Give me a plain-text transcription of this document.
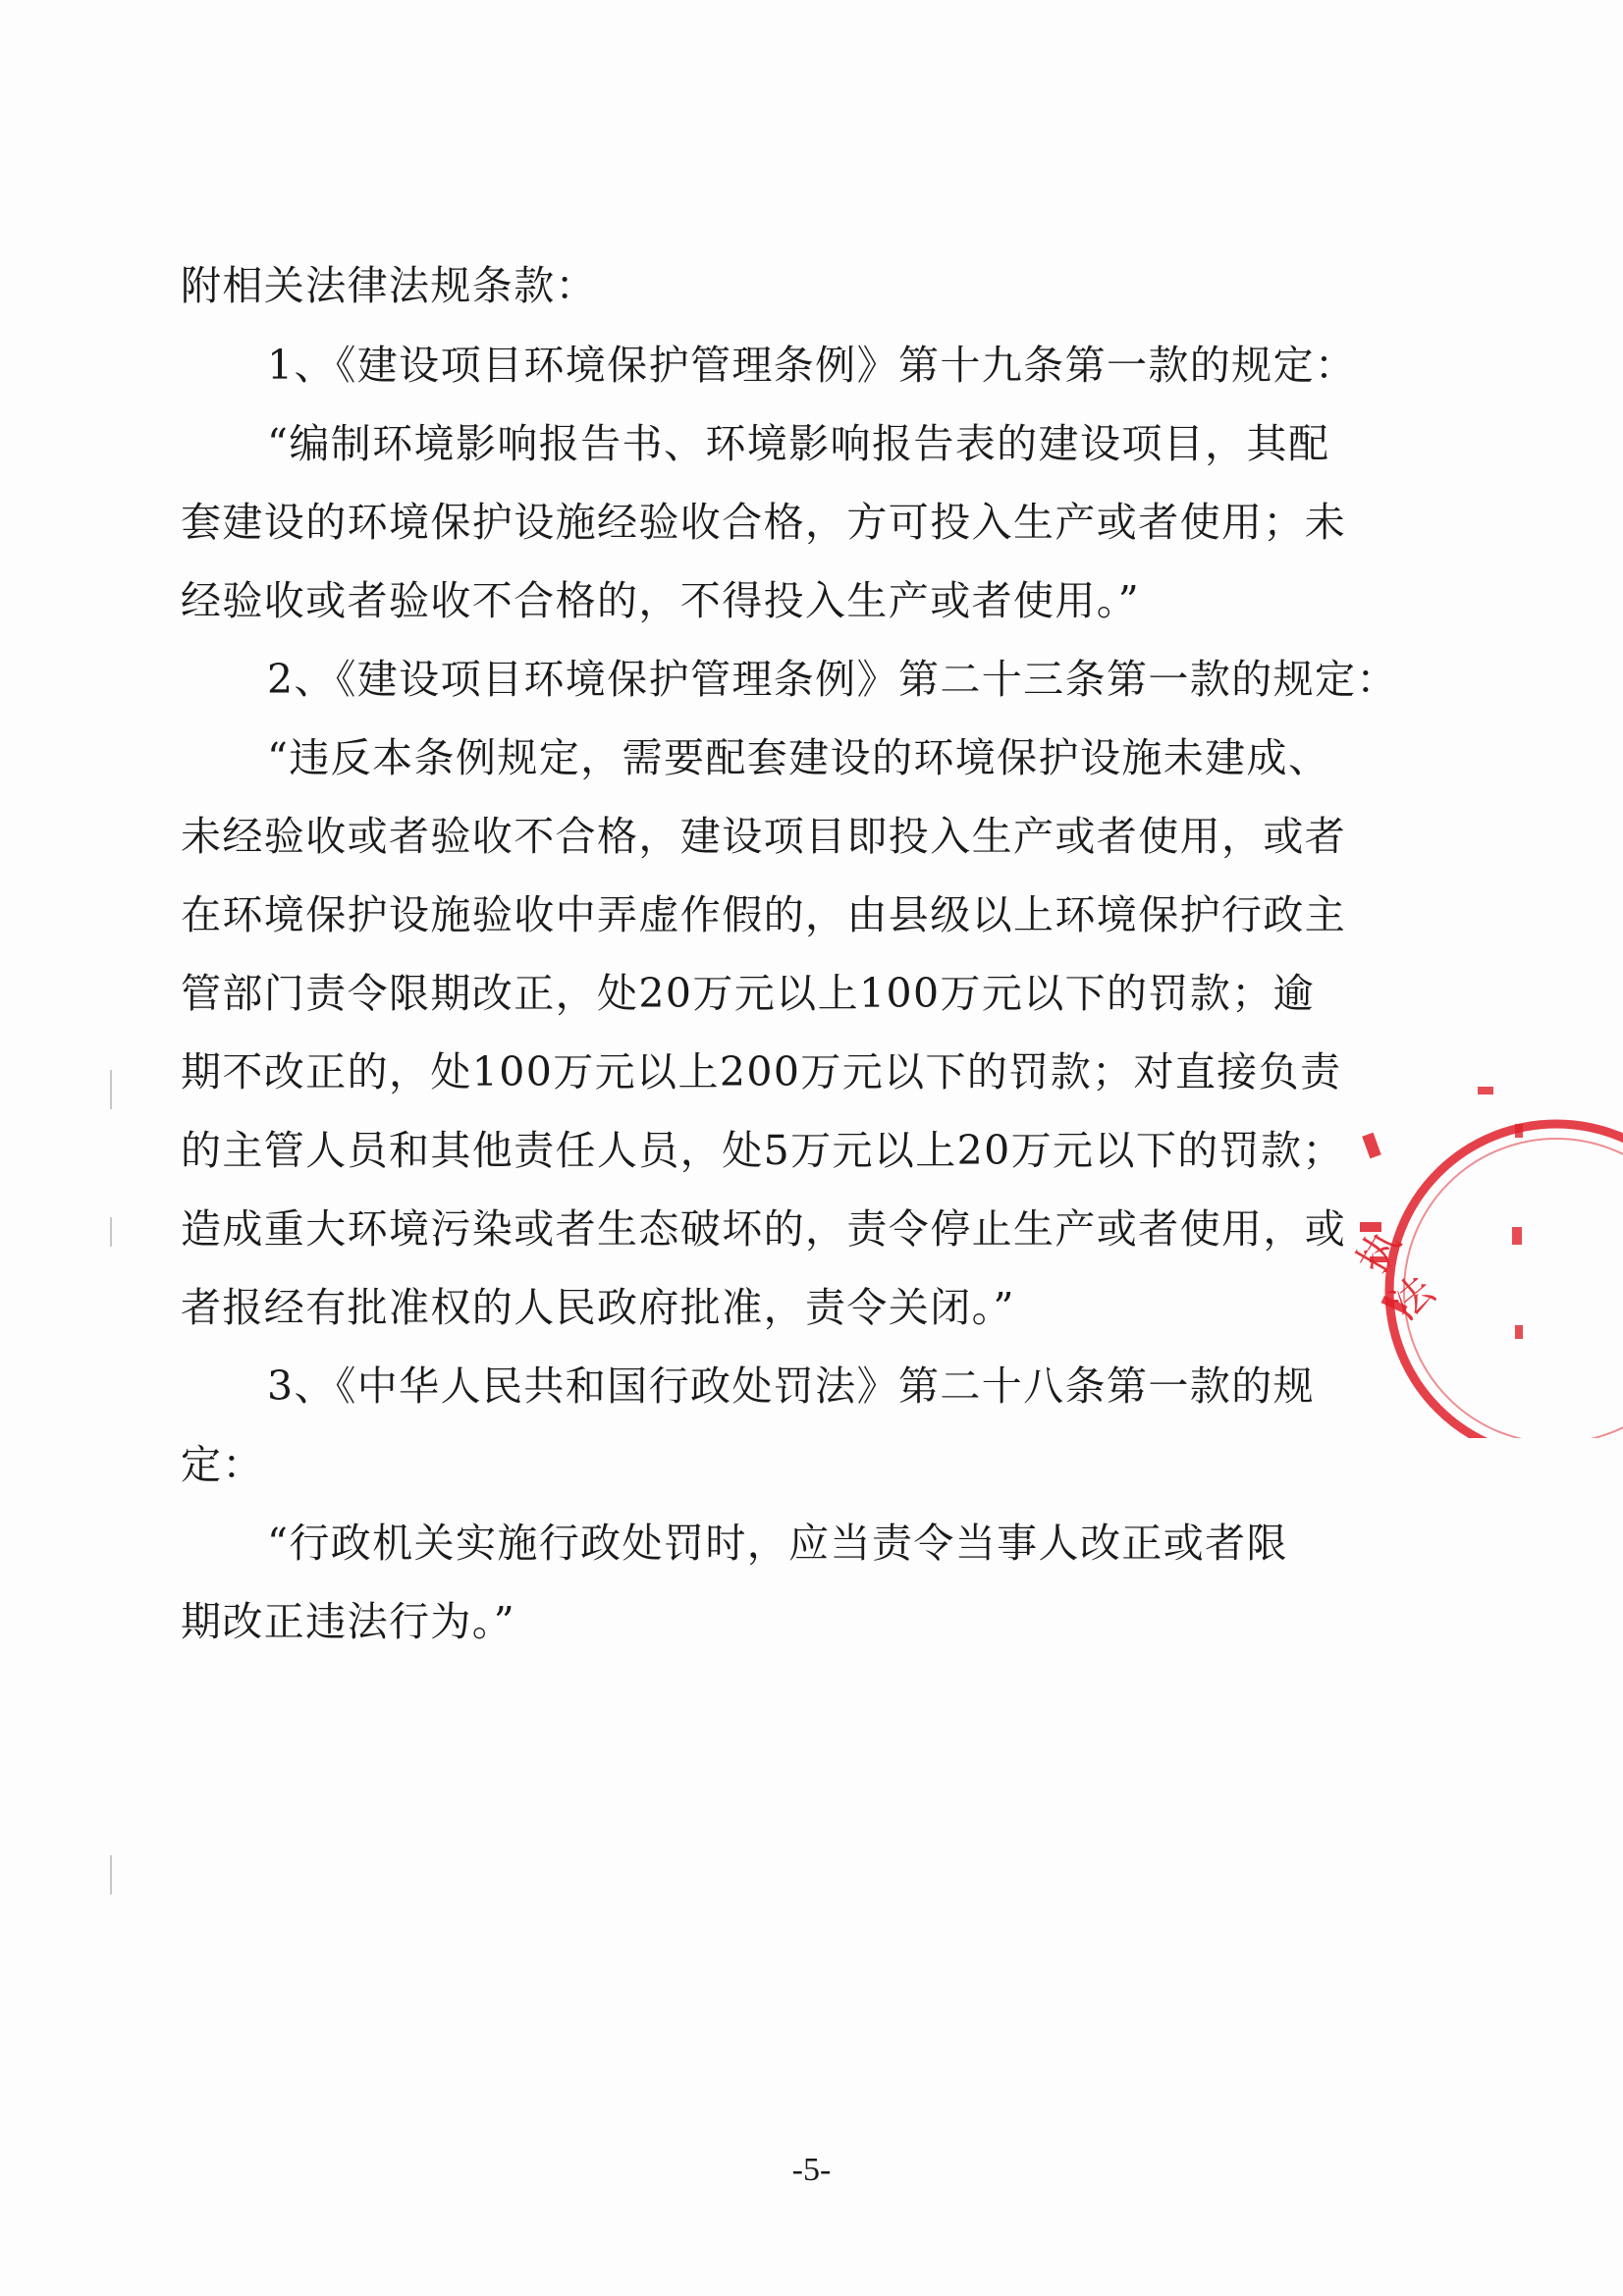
附相关法律法规条款：
1、《建设项目环境保护管理条例》第十九条第一款的规定：
“编制环境影响报告书、环境影响报告表的建设项目，其配
套建设的环境保护设施经验收合格，方可投入生产或者使用；未
经验收或者验收不合格的，不得投入生产或者使用。”
2、《建设项目环境保护管理条例》第二十三条第一款的规定：
“违反本条例规定，需要配套建设的环境保护设施未建成、
未经验收或者验收不合格，建设项目即投入生产或者使用，或者
在环境保护设施验收中弄虚作假的，由县级以上环境保护行政主
管部门责令限期改正，处20万元以上100万元以下的罚款；逾
期不改正的，处100万元以上200万元以下的罚款；对直接负责
的主管人员和其他责任人员，处5万元以上20万元以下的罚款；
造成重大环境污染或者生态破坏的，责令停止生产或者使用，或
者报经有批准权的人民政府批准，责令关闭。”
3、《中华人民共和国行政处罚法》第二十八条第一款的规
定：
“行政机关实施行政处罚时，应当责令当事人改正或者限
期改正违法行为。”
执
法
-5-
